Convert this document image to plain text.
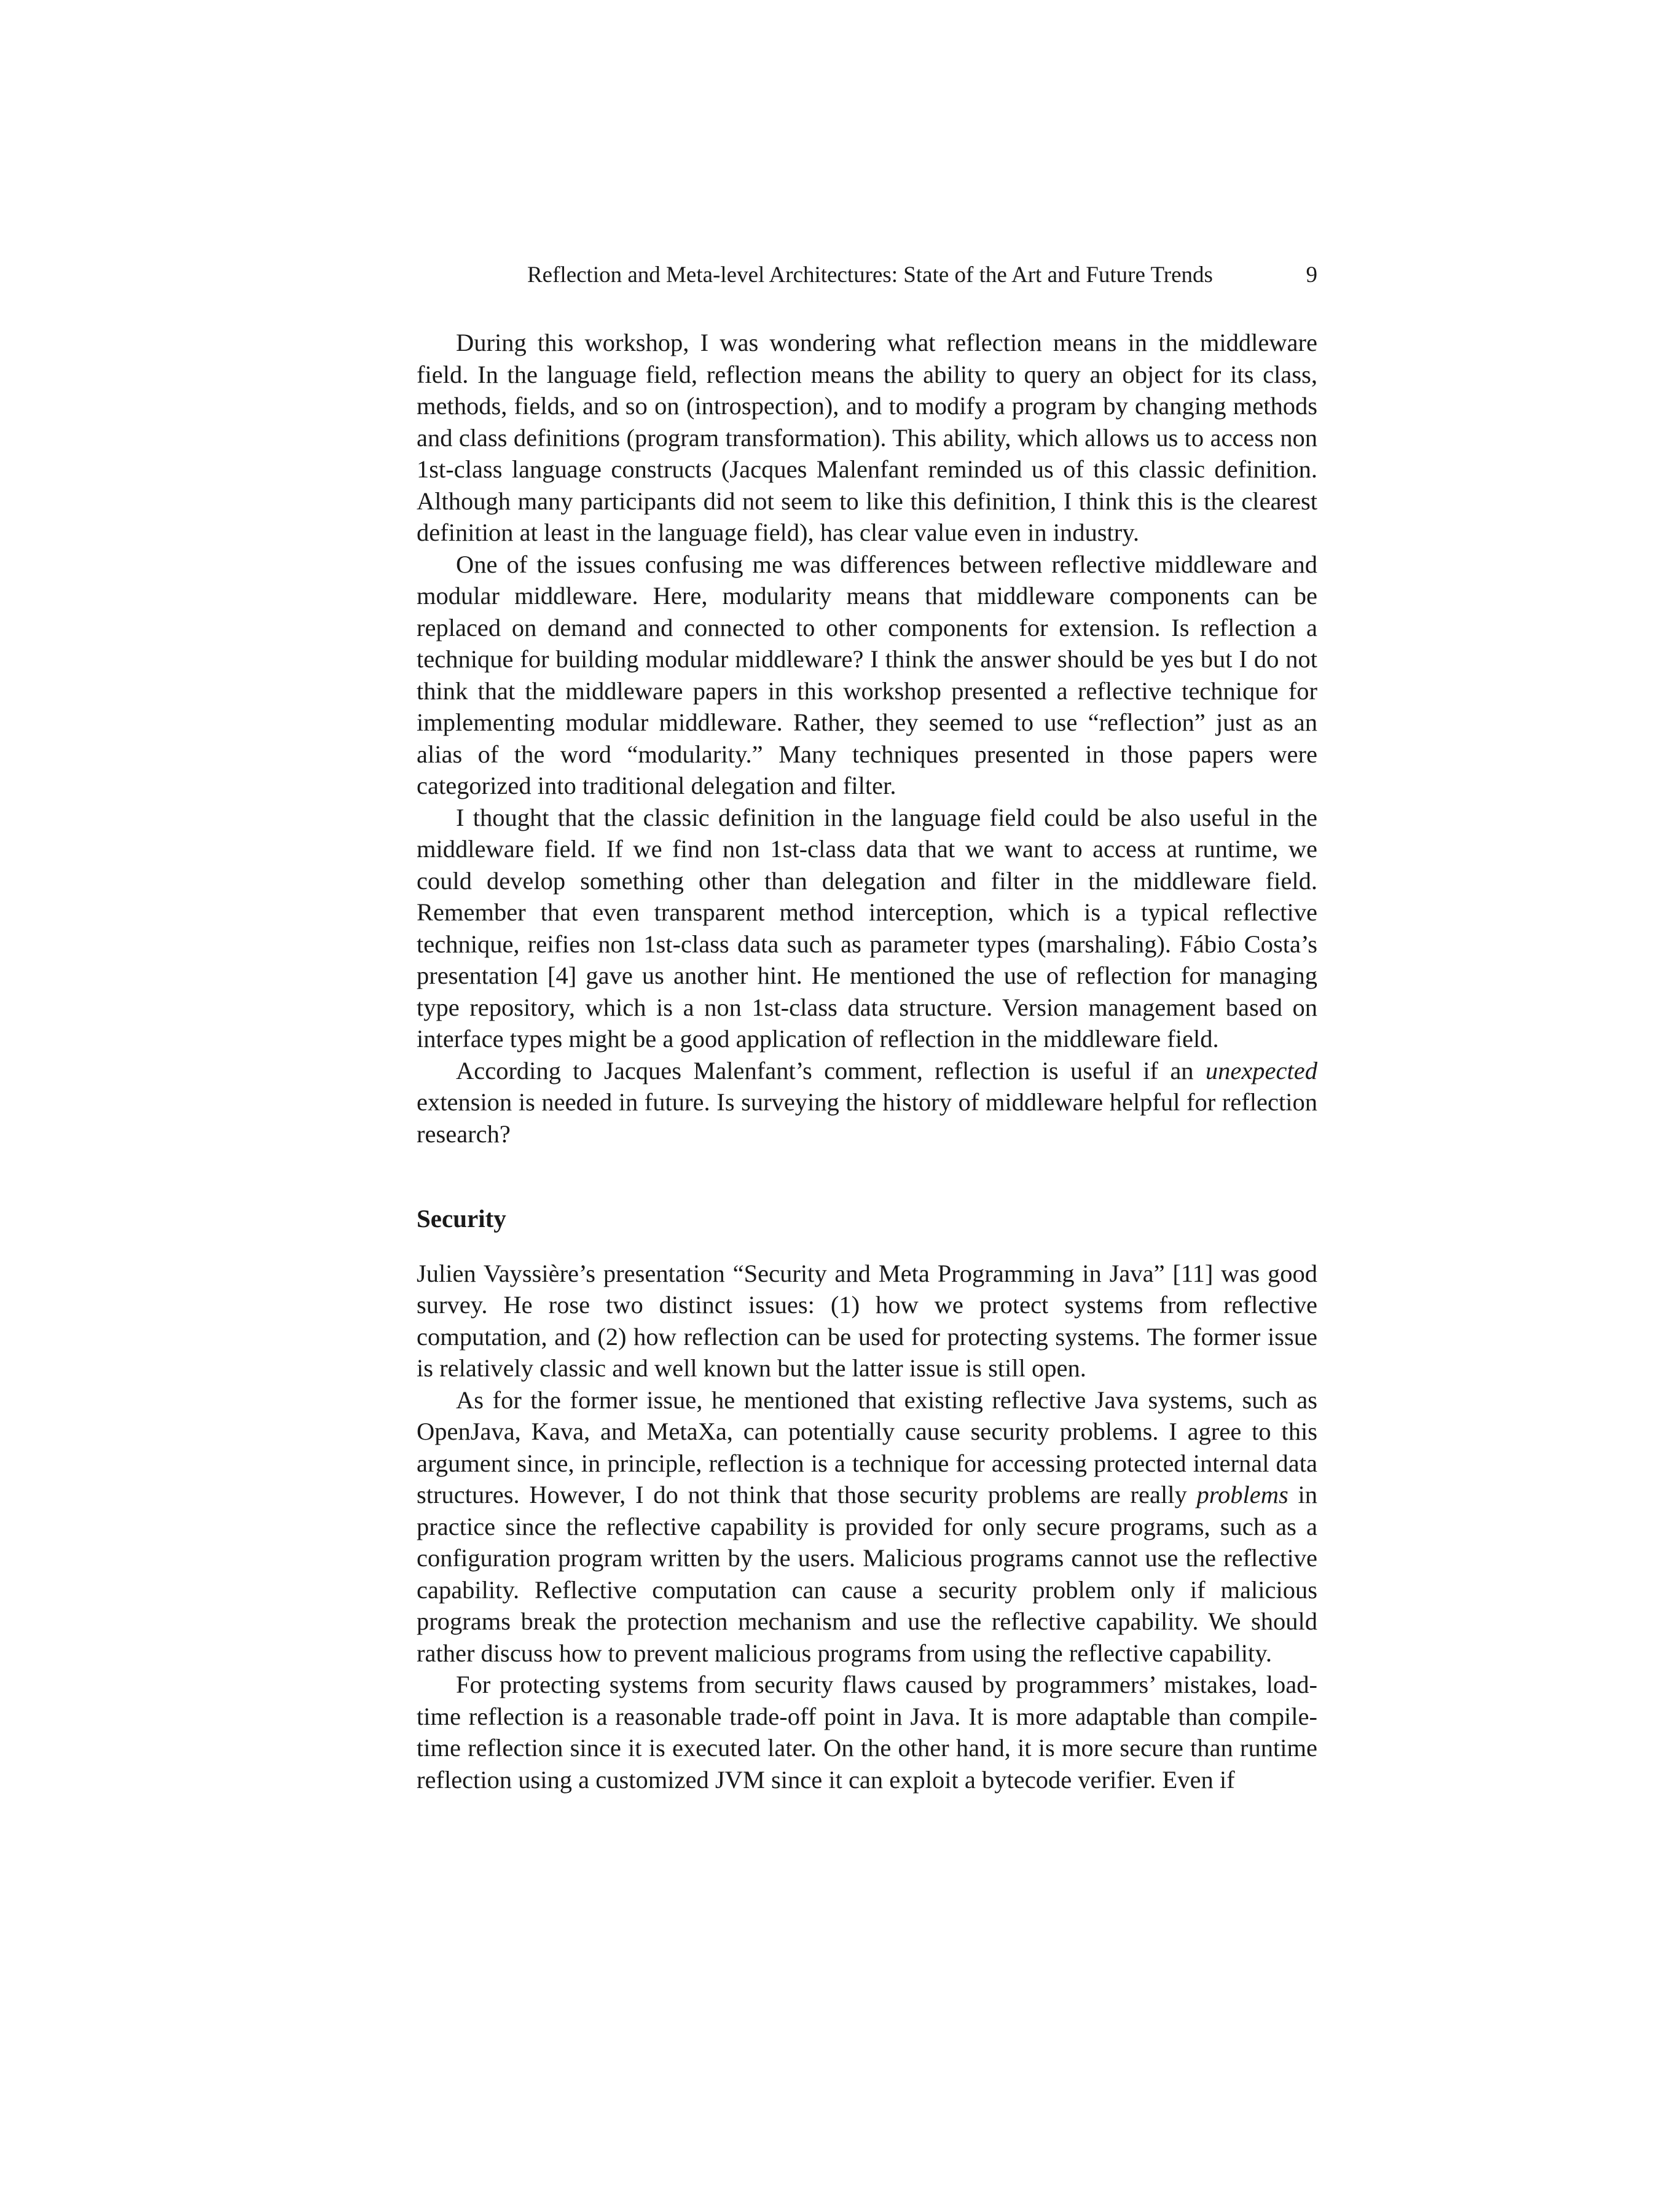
Reflection and Meta-level Architectures: State of the Art and Future Trends	9

During this workshop, I was wondering what reflection means in the middleware field. In the language field, reflection means the ability to query an object for its class, methods, fields, and so on (introspection), and to modify a program by changing methods and class definitions (program transformation). This ability, which allows us to access non 1st-class language constructs (Jacques Malenfant reminded us of this classic definition. Although many participants did not seem to like this definition, I think this is the clearest definition at least in the language field), has clear value even in industry.

One of the issues confusing me was differences between reflective middleware and modular middleware. Here, modularity means that middleware components can be replaced on demand and connected to other components for extension. Is reflection a technique for building modular middleware? I think the answer should be yes but I do not think that the middleware papers in this workshop presented a reflective technique for implementing modular middleware. Rather, they seemed to use “reflection” just as an alias of the word “modularity.” Many techniques presented in those papers were categorized into traditional delegation and filter.

I thought that the classic definition in the language field could be also useful in the middleware field. If we find non 1st-class data that we want to access at runtime, we could develop something other than delegation and filter in the middleware field. Remember that even transparent method interception, which is a typical reflective technique, reifies non 1st-class data such as parameter types (marshaling). Fábio Costa’s presentation [4] gave us another hint. He mentioned the use of reflection for managing type repository, which is a non 1st-class data structure. Version management based on interface types might be a good application of reflection in the middleware field.

According to Jacques Malenfant’s comment, reflection is useful if an unexpected extension is needed in future. Is surveying the history of middleware helpful for reflection research?

Security

Julien Vayssière’s presentation “Security and Meta Programming in Java” [11] was good survey. He rose two distinct issues: (1) how we protect systems from reflective computation, and (2) how reflection can be used for protecting systems. The former issue is relatively classic and well known but the latter issue is still open.

As for the former issue, he mentioned that existing reflective Java systems, such as OpenJava, Kava, and MetaXa, can potentially cause security problems. I agree to this argument since, in principle, reflection is a technique for accessing protected internal data structures. However, I do not think that those security problems are really problems in practice since the reflective capability is provided for only secure programs, such as a configuration program written by the users. Malicious programs cannot use the reflective capability. Reflective computation can cause a security problem only if malicious programs break the protection mechanism and use the reflective capability. We should rather discuss how to prevent malicious programs from using the reflective capability.

For protecting systems from security flaws caused by programmers’ mistakes, load-time reflection is a reasonable trade-off point in Java. It is more adaptable than compile-time reflection since it is executed later. On the other hand, it is more secure than runtime reflection using a customized JVM since it can exploit a bytecode verifier. Even if
